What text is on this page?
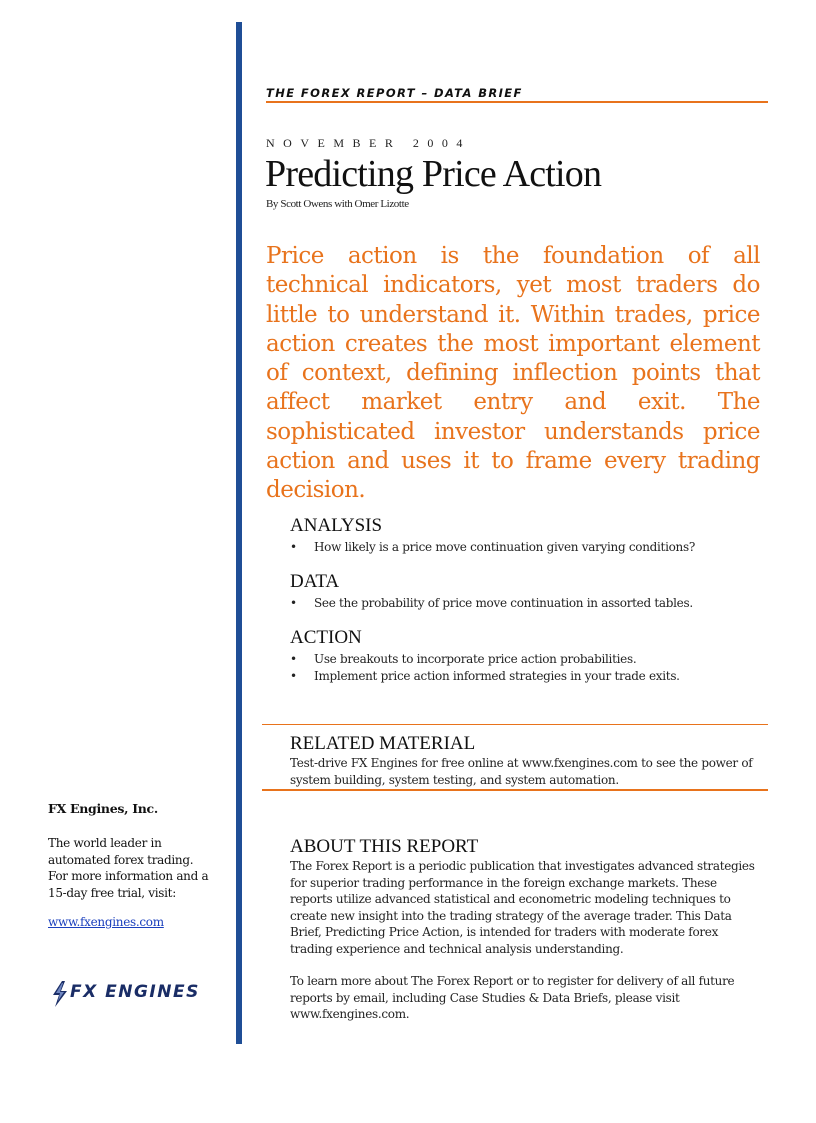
THE FOREX REPORT – DATA BRIEF
NOVEMBER 2004
Predicting Price Action
By Scott Owens with Omer Lizotte

Price action is the foundation of all technical indicators, yet most traders do little to understand it. Within trades, price action creates the most important element of context, defining inflection points that affect market entry and exit. The sophisticated investor understands price action and uses it to frame every trading decision.

ANALYSIS
• How likely is a price move continuation given varying conditions?
DATA
• See the probability of price move continuation in assorted tables.
ACTION
• Use breakouts to incorporate price action probabilities.
• Implement price action informed strategies in your trade exits.
RELATED MATERIAL

Test-drive FX Engines for free online at www.fxengines.com to see the power of system building, system testing, and system automation.

ABOUT THIS REPORT

The Forex Report is a periodic publication that investigates advanced strategies for superior trading performance in the foreign exchange markets. These reports utilize advanced statistical and econometric modeling techniques to create new insight into the trading strategy of the average trader. This Data Brief, Predicting Price Action, is intended for traders with moderate forex trading experience and technical analysis understanding.

To learn more about The Forex Report or to register for delivery of all future reports by email, including Case Studies & Data Briefs, please visit www.fxengines.com.

FX Engines, Inc.
The world leader in automated forex trading. For more information and a 15-day free trial, visit:
www.fxengines.com
FX ENGINES
